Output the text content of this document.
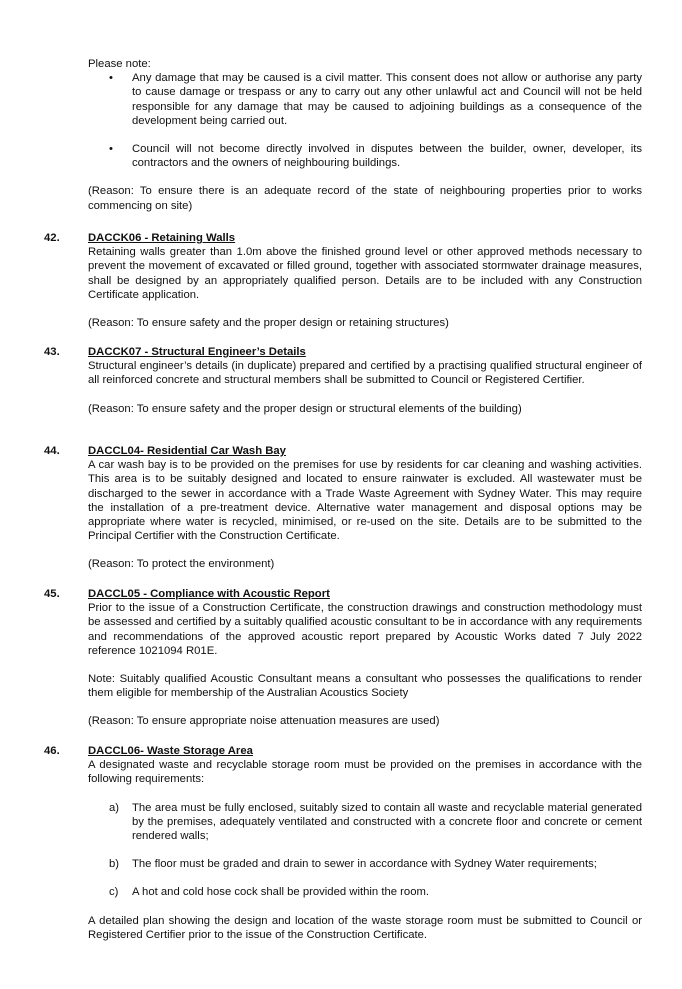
Please note:

• Any damage that may be caused is a civil matter. This consent does not allow or authorise any party to cause damage or trespass or any to carry out any other unlawful act and Council will not be held responsible for any damage that may be caused to adjoining buildings as a consequence of the development being carried out.
• Council will not become directly involved in disputes between the builder, owner, developer, its contractors and the owners of neighbouring buildings.

(Reason: To ensure there is an adequate record of the state of neighbouring properties prior to works commencing on site)

42.	DACCK06 - Retaining Walls

Retaining walls greater than 1.0m above the finished ground level or other approved methods necessary to prevent the movement of excavated or filled ground, together with associated stormwater drainage measures, shall be designed by an appropriately qualified person. Details are to be included with any Construction Certificate application.

(Reason: To ensure safety and the proper design or retaining structures)

43.	DACCK07 - Structural Engineer’s Details

Structural engineer’s details (in duplicate) prepared and certified by a practising qualified structural engineer of all reinforced concrete and structural members shall be submitted to Council or Registered Certifier.

(Reason: To ensure safety and the proper design or structural elements of the building)

44.	DACCL04- Residential Car Wash Bay

A car wash bay is to be provided on the premises for use by residents for car cleaning and washing activities. This area is to be suitably designed and located to ensure rainwater is excluded. All wastewater must be discharged to the sewer in accordance with a Trade Waste Agreement with Sydney Water. This may require the installation of a pre-treatment device. Alternative water management and disposal options may be appropriate where water is recycled, minimised, or re-used on the site. Details are to be submitted to the Principal Certifier with the Construction Certificate.

(Reason: To protect the environment)

45.	DACCL05 - Compliance with Acoustic Report

Prior to the issue of a Construction Certificate, the construction drawings and construction methodology must be assessed and certified by a suitably qualified acoustic consultant to be in accordance with any requirements and recommendations of the approved acoustic report prepared by Acoustic Works dated 7 July 2022 reference 1021094 R01E.

Note: Suitably qualified Acoustic Consultant means a consultant who possesses the qualifications to render them eligible for membership of the Australian Acoustics Society

(Reason: To ensure appropriate noise attenuation measures are used)

46.	DACCL06- Waste Storage Area

A designated waste and recyclable storage room must be provided on the premises in accordance with the following requirements:

a) The area must be fully enclosed, suitably sized to contain all waste and recyclable material generated by the premises, adequately ventilated and constructed with a concrete floor and concrete or cement rendered walls;
b) The floor must be graded and drain to sewer in accordance with Sydney Water requirements;
c) A hot and cold hose cock shall be provided within the room.

A detailed plan showing the design and location of the waste storage room must be submitted to Council or Registered Certifier prior to the issue of the Construction Certificate.
